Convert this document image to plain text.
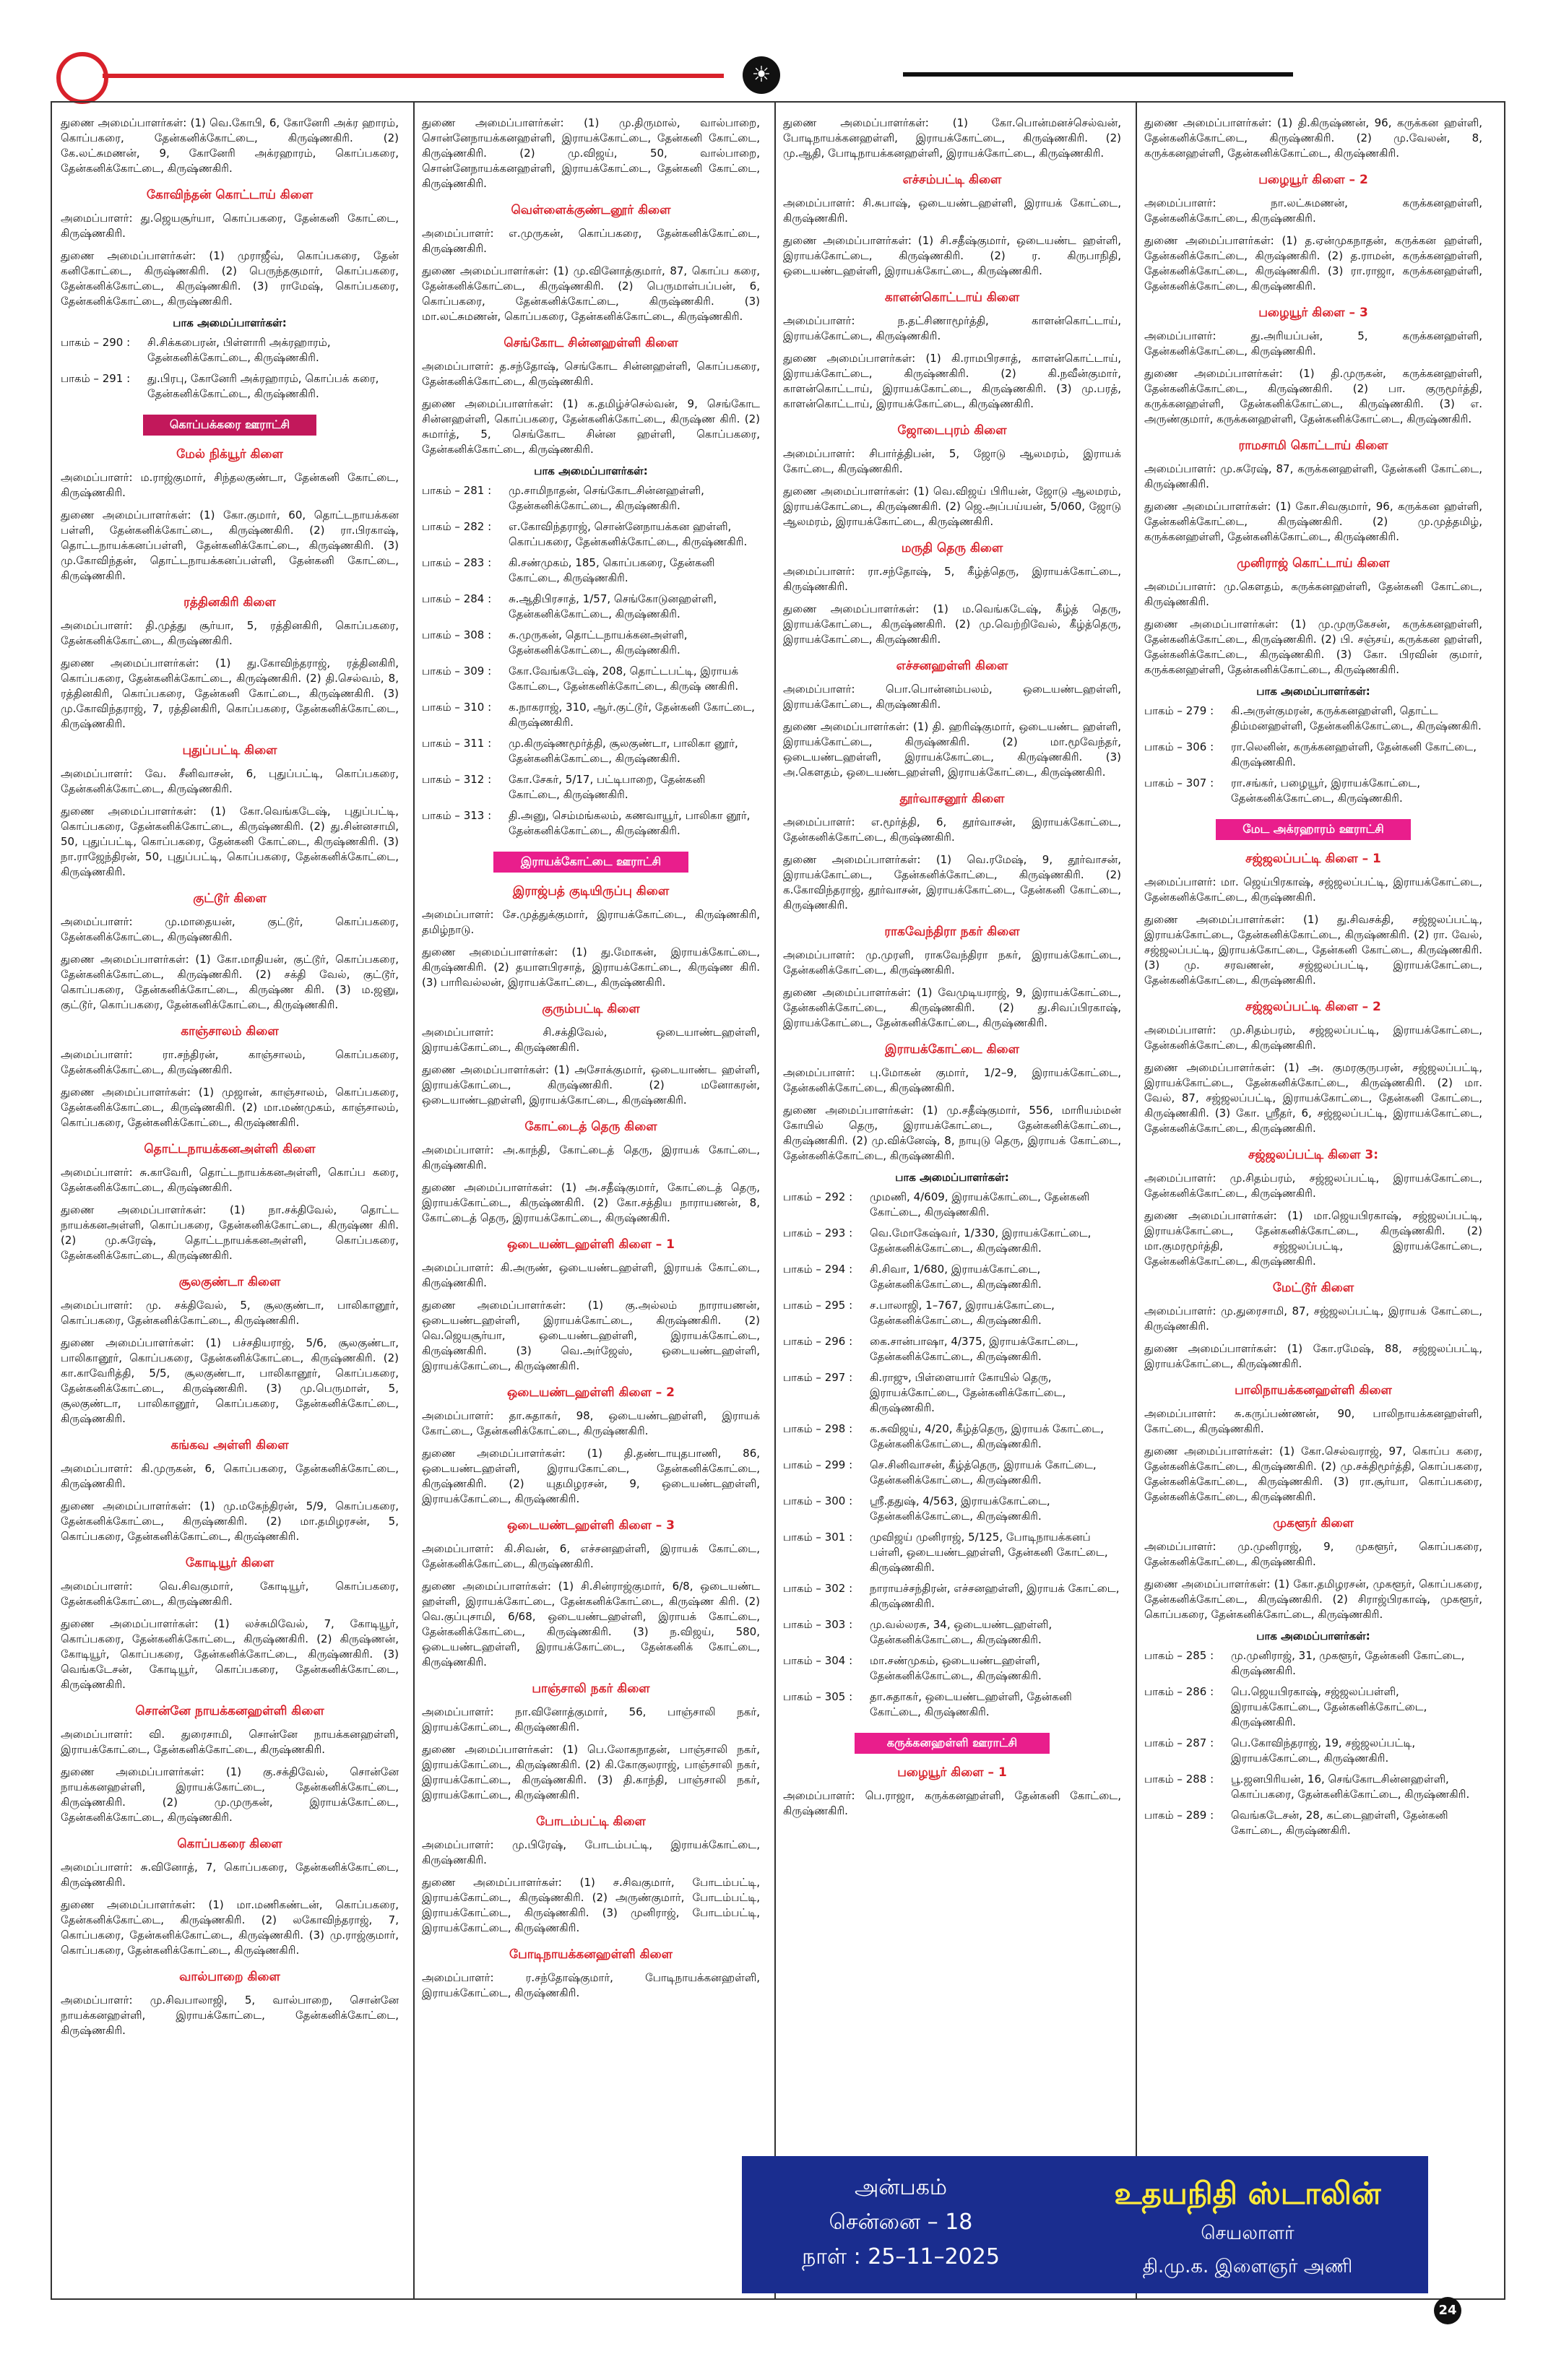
☀

துணை அமைப்பாளர்கள்: (1) வெ.கோபி, 6, கோனேரி அக்ர ஹாரம், கொப்பகரை, தேன்கனிக்கோட்டை, கிருஷ்ணகிரி. (2) கே.லட்சுமணன், 9, கோனேரி அக்ரஹாரம், கொப்பகரை, தேன்கனிக்கோட்டை, கிருஷ்ணகிரி.

கோவிந்தன் கொட்டாய் கிளை

அமைப்பாளர்: து.ஜெயசூர்யா, கொப்பகரை, தேன்கனி கோட்டை, கிருஷ்ணகிரி.

துணை அமைப்பாளர்கள்: (1) முராஜீவ், கொப்பகரை, தேன் கனிகோட்டை, கிருஷ்ணகிரி. (2) பெருந்தகுமார், கொப்பகரை, தேன்கனிக்கோட்டை, கிருஷ்ணகிரி. (3) ராமேஷ், கொப்பகரை, தேன்கனிக்கோட்டை, கிருஷ்ணகிரி.

பாக அமைப்பாளர்கள்:
பாகம் – 290 :	சி.சிக்கபைரன், பிள்ளாரி அக்ரஹாரம், தேன்கனிக்கோட்டை, கிருஷ்ணகிரி.
பாகம் – 291 :	து.பிரபு, கோனேரி அக்ரஹாரம், கொப்பக் கரை, தேன்கனிக்கோட்டை, கிருஷ்ணகிரி.
கொப்பக்கரை ஊராட்சி
மேல் நிக்யூர் கிளை

அமைப்பாளர்: ம.ராஜ்குமார், சிந்தலகுண்டா, தேன்கனி கோட்டை, கிருஷ்ணகிரி.

துணை அமைப்பாளர்கள்: (1) கோ.குமார், 60, தொட்டநாயக்கன பள்ளி, தேன்கனிக்கோட்டை, கிருஷ்ணகிரி. (2) ரா.பிரகாஷ், தொட்டநாயக்கனப்பள்ளி, தேன்கனிக்கோட்டை, கிருஷ்ணகிரி. (3) மு.கோவிந்தன், தொட்டநாயக்கனப்பள்ளி, தேன்கனி கோட்டை, கிருஷ்ணகிரி.

ரத்தினகிரி கிளை

அமைப்பாளர்: தி.முத்து சூர்யா, 5, ரத்தினகிரி, கொப்பகரை, தேன்கனிக்கோட்டை, கிருஷ்ணகிரி.

துணை அமைப்பாளர்கள்: (1) து.கோவிந்தராஜ், ரத்தினகிரி, கொப்பகரை, தேன்கனிக்கோட்டை, கிருஷ்ணகிரி. (2) தி.செல்வம், 8, ரத்தினகிரி, கொப்பகரை, தேன்கனி கோட்டை, கிருஷ்ணகிரி. (3) மு.கோவிந்தராஜ், 7, ரத்தினகிரி, கொப்பகரை, தேன்கனிக்கோட்டை, கிருஷ்ணகிரி.

புதுப்பட்டி கிளை

அமைப்பாளர்: வே. சீனிவாசன், 6, புதுப்பட்டி, கொப்பகரை, தேன்கனிக்கோட்டை, கிருஷ்ணகிரி.

துணை அமைப்பாளர்கள்: (1) கோ.வெங்கடேஷ், புதுப்பட்டி, கொப்பகரை, தேன்கனிக்கோட்டை, கிருஷ்ணகிரி. (2) து.சின்னசாமி, 50, புதுப்பட்டி, கொப்பகரை, தேன்கனி கோட்டை, கிருஷ்ணகிரி. (3) நா.ராஜேந்திரன், 50, புதுப்பட்டி, கொப்பகரை, தேன்கனிக்கோட்டை, கிருஷ்ணகிரி.

குட்டூர் கிளை

அமைப்பாளர்: மு.மாதையன், குட்டூர், கொப்பகரை, தேன்கனிக்கோட்டை, கிருஷ்ணகிரி.

துணை அமைப்பாளர்கள்: (1) கோ.மாதியன், குட்டூர், கொப்பகரை, தேன்கனிக்கோட்டை, கிருஷ்ணகிரி. (2) சக்தி வேல், குட்டூர், கொப்பகரை, தேன்கனிக்கோட்டை, கிருஷ்ண கிரி. (3) ம.ஜனு, குட்டூர், கொப்பகரை, தேன்கனிக்கோட்டை, கிருஷ்ணகிரி.

காஞ்சாலம் கிளை

அமைப்பாளர்: ரா.சந்திரன், காஞ்சாலம், கொப்பகரை, தேன்கனிக்கோட்டை, கிருஷ்ணகிரி.

துணை அமைப்பாளர்கள்: (1) முஜான், காஞ்சாலம், கொப்பகரை, தேன்கனிக்கோட்டை, கிருஷ்ணகிரி. (2) மா.மண்முகம், காஞ்சாலம், கொப்பகரை, தேன்கனிக்கோட்டை, கிருஷ்ணகிரி.

தொட்டநாயக்கனஅள்ளி கிளை

அமைப்பாளர்: சு.காவேரி, தொட்டநாயக்கனஅள்ளி, கொப்ப கரை, தேன்கனிக்கோட்டை, கிருஷ்ணகிரி.

துணை அமைப்பாளர்கள்: (1) நா.சக்திவேல், தொட்ட நாயக்கனஅள்ளி, கொப்பகரை, தேன்கனிக்கோட்டை, கிருஷ்ண கிரி. (2) மு.சுரேஷ், தொட்டநாயக்கனஅள்ளி, கொப்பகரை, தேன்கனிக்கோட்டை, கிருஷ்ணகிரி.

சூலகுண்டா கிளை

அமைப்பாளர்: மு. சக்திவேல், 5, சூலகுண்டா, பாலிகானூர், கொப்பகரை, தேன்கனிக்கோட்டை, கிருஷ்ணகிரி.

துணை அமைப்பாளர்கள்: (1) பச்சதியராஜ், 5/6, சூலகுண்டா, பாலிகானூர், கொப்பகரை, தேன்கனிக்கோட்டை, கிருஷ்ணகிரி. (2) கா.காவேரித்தி, 5/5, சூலகுண்டா, பாலிகானூர், கொப்பகரை, தேன்கனிக்கோட்டை, கிருஷ்ணகிரி. (3) மு.பெருமாள், 5, சூலகுண்டா, பாலிகானூர், கொப்பகரை, தேன்கனிக்கோட்டை, கிருஷ்ணகிரி.

கங்கவ அள்ளி கிளை

அமைப்பாளர்: கி.முருகன், 6, கொப்பகரை, தேன்கனிக்கோட்டை, கிருஷ்ணகிரி.

துணை அமைப்பாளர்கள்: (1) மு.மகேந்திரன், 5/9, கொப்பகரை, தேன்கனிக்கோட்டை, கிருஷ்ணகிரி. (2) மா.தமிழரசன், 5, கொப்பகரை, தேன்கனிக்கோட்டை, கிருஷ்ணகிரி.

கோடியூர் கிளை

அமைப்பாளர்: வெ.சிவகுமார், கோடியூர், கொப்பகரை, தேன்கனிக்கோட்டை, கிருஷ்ணகிரி.

துணை அமைப்பாளர்கள்: (1) லச்சுமிவேல், 7, கோடியூர், கொப்பகரை, தேன்கனிக்கோட்டை, கிருஷ்ணகிரி. (2) கிருஷ்ணன், கோடியூர், கொப்பகரை, தேன்கனிக்கோட்டை, கிருஷ்ணகிரி. (3) வெங்கடேசன், கோடியூர், கொப்பகரை, தேன்கனிக்கோட்டை, கிருஷ்ணகிரி.

சொன்னே நாயக்கனஹள்ளி கிளை

அமைப்பாளர்: வி. துரைசாமி, சொன்னே நாயக்கனஹள்ளி, இராயக்கோட்டை, தேன்கனிக்கோட்டை, கிருஷ்ணகிரி.

துணை அமைப்பாளர்கள்: (1) கு.சக்திவேல், சொன்னே நாயக்கனஹள்ளி, இராயக்கோட்டை, தேன்கனிக்கோட்டை, கிருஷ்ணகிரி. (2) மு.முருகன், இராயக்கோட்டை, தேன்கனிக்கோட்டை, கிருஷ்ணகிரி.

கொப்பகரை கிளை

அமைப்பாளர்: சு.வினோத், 7, கொப்பகரை, தேன்கனிக்கோட்டை, கிருஷ்ணகிரி.

துணை அமைப்பாளர்கள்: (1) மா.மணிகண்டன், கொப்பகரை, தேன்கனிக்கோட்டை, கிருஷ்ணகிரி. (2) லகோவிந்தராஜ், 7, கொப்பகரை, தேன்கனிக்கோட்டை, கிருஷ்ணகிரி. (3) மு.ராஜ்குமார், கொப்பகரை, தேன்கனிக்கோட்டை, கிருஷ்ணகிரி.

வால்பாறை கிளை

அமைப்பாளர்: மு.சிவபாலாஜி, 5, வால்பாறை, சொன்னே நாயக்கனஹள்ளி, இராயக்கோட்டை, தேன்கனிக்கோட்டை, கிருஷ்ணகிரி.

துணை அமைப்பாளர்கள்: (1) மு.திருமால், வால்பாறை, சொன்னேநாயக்கனஹள்ளி, இராயக்கோட்டை, தேன்கனி கோட்டை, கிருஷ்ணகிரி. (2) மு.விஜய், 50, வால்பாறை, சொன்னேநாயக்கனஹள்ளி, இராயக்கோட்டை, தேன்கனி கோட்டை, கிருஷ்ணகிரி.

வெள்ளைக்குண்டனூர் கிளை

அமைப்பாளர்: எ.முருகன், கொப்பகரை, தேன்கனிக்கோட்டை, கிருஷ்ணகிரி.

துணை அமைப்பாளர்கள்: (1) மு.வினோத்குமார், 87, கொப்ப கரை, தேன்கனிக்கோட்டை, கிருஷ்ணகிரி. (2) பெருமாள்பப்பன், 6, கொப்பகரை, தேன்கனிக்கோட்டை, கிருஷ்ணகிரி. (3) மா.லட்சுமணன், கொப்பகரை, தேன்கனிக்கோட்டை, கிருஷ்ணகிரி.

செங்கோட சின்னஹள்ளி கிளை

அமைப்பாளர்: த.சந்தோஷ், செங்கோட சின்னஹள்ளி, கொப்பகரை, தேன்கனிக்கோட்டை, கிருஷ்ணகிரி.

துணை அமைப்பாளர்கள்: (1) க.தமிழ்ச்செல்வன், 9, செங்கோட சின்னஹள்ளி, கொப்பகரை, தேன்கனிக்கோட்டை, கிருஷ்ண கிரி. (2) சுமார்த், 5, செங்கோட சின்ன ஹள்ளி, கொப்பகரை, தேன்கனிக்கோட்டை, கிருஷ்ணகிரி.

பாக அமைப்பாளர்கள்:
பாகம் – 281 :	மு.சாமிநாதன், செங்கோடசின்னஹள்ளி, தேன்கனிக்கோட்டை, கிருஷ்ணகிரி.
பாகம் – 282 :	எ.கோவிந்தராஜ், சொன்னேநாயக்கன ஹள்ளி, கொப்பகரை, தேன்கனிக்கோட்டை, கிருஷ்ணகிரி.
பாகம் – 283 :	கி.சண்முகம், 185, கொப்பகரை, தேன்கனி கோட்டை, கிருஷ்ணகிரி.
பாகம் – 284 :	சு.ஆதிபிரசாத், 1/57, செங்கோடுனஹள்ளி, தேன்கனிக்கோட்டை, கிருஷ்ணகிரி.
பாகம் – 308 :	சு.முருகன், தொட்டநாயக்கனஅள்ளி, தேன்கனிக்கோட்டை, கிருஷ்ணகிரி.
பாகம் – 309 :	கோ.வேங்கடேஷ், 208, தொட்டபட்டி, இராயக் கோட்டை, தேன்கனிக்கோட்டை, கிருஷ் ணகிரி.
பாகம் – 310 :	க.நாகராஜ், 310, ஆர்.குட்டூர், தேன்கனி கோட்டை, கிருஷ்ணகிரி.
பாகம் – 311 :	மு.கிருஷ்ணமூர்த்தி, சூலகுண்டா, பாலிகா னூர், தேன்கனிக்கோட்டை, கிருஷ்ணகிரி.
பாகம் – 312 :	கோ.சேகர், 5/17, பட்டிபாறை, தேன்கனி கோட்டை, கிருஷ்ணகிரி.
பாகம் – 313 :	தி.அனு, செம்மங்கலம், கணவாயூர், பாலிகா னூர், தேன்கனிக்கோட்டை, கிருஷ்ணகிரி.
இராயக்கோட்டை ஊராட்சி
இராஜ்பத் குடியிருப்பு கிளை

அமைப்பாளர்: சே.முத்துக்குமார், இராயக்கோட்டை, கிருஷ்ணகிரி, தமிழ்நாடு.

துணை அமைப்பாளர்கள்: (1) து.மோகன், இராயக்கோட்டை, கிருஷ்ணகிரி. (2) தயாளபிரசாத், இராயக்கோட்டை, கிருஷ்ண கிரி. (3) பாரிவல்லன், இராயக்கோட்டை, கிருஷ்ணகிரி.

குரும்பட்டி கிளை

அமைப்பாளர்: சி.சக்திவேல், ஒடையாண்டஹள்ளி, இராயக்கோட்டை, கிருஷ்ணகிரி.

துணை அமைப்பாளர்கள்: (1) அசோக்குமார், ஒடையாண்ட ஹள்ளி, இராயக்கோட்டை, கிருஷ்ணகிரி. (2) மனோகரன், ஒடையாண்டஹள்ளி, இராயக்கோட்டை, கிருஷ்ணகிரி.

கோட்டைத் தெரு கிளை

அமைப்பாளர்: அ.காந்தி, கோட்டைத் தெரு, இராயக் கோட்டை, கிருஷ்ணகிரி.

துணை அமைப்பாளர்கள்: (1) அ.சதீஷ்குமார், கோட்டைத் தெரு, இராயக்கோட்டை, கிருஷ்ணகிரி. (2) கோ.சத்திய நாராயணன், 8, கோட்டைத் தெரு, இராயக்கோட்டை, கிருஷ்ணகிரி.

ஒடையண்டஹள்ளி கிளை – 1

அமைப்பாளர்: கி.அருண், ஒடையண்டஹள்ளி, இராயக் கோட்டை, கிருஷ்ணகிரி.

துணை அமைப்பாளர்கள்: (1) கு.அல்லம் நாராயணன், ஒடையண்டஹள்ளி, இராயக்கோட்டை, கிருஷ்ணகிரி. (2) வெ.ஜெயசூர்யா, ஒடையண்டஹள்ளி, இராயக்கோட்டை, கிருஷ்ணகிரி. (3) வெ.அர்ஜேஸ், ஒடையண்டஹள்ளி, இராயக்கோட்டை, கிருஷ்ணகிரி.

ஒடையண்டஹள்ளி கிளை – 2

அமைப்பாளர்: தா.சுதாகர், 98, ஒடையண்டஹள்ளி, இராயக் கோட்டை, தேன்கனிக்கோட்டை, கிருஷ்ணகிரி.

துணை அமைப்பாளர்கள்: (1) தி.தண்டாயுதபாணி, 86, ஒடையண்டஹள்ளி, இராயகோட்டை, தேன்கனிக்கோட்டை, கிருஷ்ணகிரி. (2) யுதமிழரசன், 9, ஒடையண்டஹள்ளி, இராயக்கோட்டை, கிருஷ்ணகிரி.

ஒடையண்டஹள்ளி கிளை – 3

அமைப்பாளர்: கி.சிவன், 6, எச்சனஹள்ளி, இராயக் கோட்டை, தேன்கனிக்கோட்டை, கிருஷ்ணகிரி.

துணை அமைப்பாளர்கள்: (1) சி.சின்ராஜ்குமார், 6/8, ஒடையண்ட ஹள்ளி, இராயக்கோட்டை, தேன்கனிக்கோட்டை, கிருஷ்ண கிரி. (2) வெ.குப்புசாமி, 6/68, ஒடையண்டஹள்ளி, இராயக் கோட்டை, தேன்கனிக்கோட்டை, கிருஷ்ணகிரி. (3) ந.விஜய், 580, ஒடையண்டஹள்ளி, இராயக்கோட்டை, தேன்கனிக் கோட்டை, கிருஷ்ணகிரி.

பாஞ்சாலி நகர் கிளை

அமைப்பாளர்: நா.வினோத்குமார், 56, பாஞ்சாலி நகர், இராயக்கோட்டை, கிருஷ்ணகிரி.

துணை அமைப்பாளர்கள்: (1) பெ.லோகநாதன், பாஞ்சாலி நகர், இராயக்கோட்டை, கிருஷ்ணகிரி. (2) கி.கோகுலராஜ், பாஞ்சாலி நகர், இராயக்கோட்டை, கிருஷ்ணகிரி. (3) தி.காந்தி, பாஞ்சாலி நகர், இராயக்கோட்டை, கிருஷ்ணகிரி.

போடம்பட்டி கிளை

அமைப்பாளர்: மு.பிரேஷ், போடம்பட்டி, இராயக்கோட்டை, கிருஷ்ணகிரி.

துணை அமைப்பாளர்கள்: (1) ச.சிவகுமார், போடம்பட்டி, இராயக்கோட்டை, கிருஷ்ணகிரி. (2) அருண்குமார், போடம்பட்டி, இராயக்கோட்டை, கிருஷ்ணகிரி. (3) முனிராஜ், போடம்பட்டி, இராயக்கோட்டை, கிருஷ்ணகிரி.

போடிநாயக்கனஹள்ளி கிளை

அமைப்பாளர்: ர.சந்தோஷ்குமார், போடிநாயக்கனஹள்ளி, இராயக்கோட்டை, கிருஷ்ணகிரி.

துணை அமைப்பாளர்கள்: (1) கோ.பொன்மனச்செல்வன், போடிநாயக்கனஹள்ளி, இராயக்கோட்டை, கிருஷ்ணகிரி. (2) மு.ஆதி, போடிநாயக்கனஹள்ளி, இராயக்கோட்டை, கிருஷ்ணகிரி.

எச்சம்பட்டி கிளை

அமைப்பாளர்: சி.சுபாஷ், ஒடையண்டஹள்ளி, இராயக் கோட்டை, கிருஷ்ணகிரி.

துணை அமைப்பாளர்கள்: (1) சி.சதீஷ்குமார், ஒடையண்ட ஹள்ளி, இராயக்கோட்டை, கிருஷ்ணகிரி. (2) ர. கிருபாநிதி, ஒடையண்டஹள்ளி, இராயக்கோட்டை, கிருஷ்ணகிரி.

காளன்கொட்டாய் கிளை

அமைப்பாளர்: ந.தட்சிணாமூர்த்தி, காளன்கொட்டாய், இராயக்கோட்டை, கிருஷ்ணகிரி.

துணை அமைப்பாளர்கள்: (1) கி.ராமபிரசாத், காளன்கொட்டாய், இராயக்கோட்டை, கிருஷ்ணகிரி. (2) கி.நவீன்குமார், காளன்கொட்டாய், இராயக்கோட்டை, கிருஷ்ணகிரி. (3) மு.பரத், காளன்கொட்டாய், இராயக்கோட்டை, கிருஷ்ணகிரி.

ஜோடைபுரம் கிளை

அமைப்பாளர்: சிபார்த்திபன், 5, ஜோடு ஆலமரம், இராயக் கோட்டை, கிருஷ்ணகிரி.

துணை அமைப்பாளர்கள்: (1) வெ.விஜய் பிரியன், ஜோடு ஆலமரம், இராயக்கோட்டை, கிருஷ்ணகிரி. (2) ஜெ.அப்பய்யன், 5/060, ஜோடு ஆலமரம், இராயக்கோட்டை, கிருஷ்ணகிரி.

மருதி தெரு கிளை

அமைப்பாளர்: ரா.சந்தோஷ், 5, கீழ்த்தெரு, இராயக்கோட்டை, கிருஷ்ணகிரி.

துணை அமைப்பாளர்கள்: (1) ம.வெங்கடேஷ், கீழ்த் தெரு, இராயக்கோட்டை, கிருஷ்ணகிரி. (2) மு.வெற்றிவேல், கீழ்த்தெரு, இராயக்கோட்டை, கிருஷ்ணகிரி.

எச்சனஹள்ளி கிளை

அமைப்பாளர்: பொ.பொன்னம்பலம், ஒடையண்டஹள்ளி, இராயக்கோட்டை, கிருஷ்ணகிரி.

துணை அமைப்பாளர்கள்: (1) தி. ஹரிஷ்குமார், ஒடையண்ட ஹள்ளி, இராயக்கோட்டை, கிருஷ்ணகிரி. (2) மா.மூவேந்தர், ஒடையண்டஹள்ளி, இராயக்கோட்டை, கிருஷ்ணகிரி. (3) அ.கௌதம், ஒடையண்டஹள்ளி, இராயக்கோட்டை, கிருஷ்ணகிரி.

தூர்வாசனூர் கிளை

அமைப்பாளர்: எ.மூர்த்தி, 6, தூர்வாசன், இராயக்கோட்டை, தேன்கனிக்கோட்டை, கிருஷ்ணகிரி.

துணை அமைப்பாளர்கள்: (1) வெ.ரமேஷ், 9, தூர்வாசன், இராயக்கோட்டை, தேன்கனிக்கோட்டை, கிருஷ்ணகிரி. (2) க.கோவிந்தராஜ், தூர்வாசன், இராயக்கோட்டை, தேன்கனி கோட்டை, கிருஷ்ணகிரி.

ராகவேந்திரா நகர் கிளை

அமைப்பாளர்: மு.முரளி, ராகவேந்திரா நகர், இராயக்கோட்டை, தேன்கனிக்கோட்டை, கிருஷ்ணகிரி.

துணை அமைப்பாளர்கள்: (1) வேமுடியராஜ், 9, இராயக்கோட்டை, தேன்கனிக்கோட்டை, கிருஷ்ணகிரி. (2) து.சிவப்பிரகாஷ், இராயக்கோட்டை, தேன்கனிக்கோட்டை, கிருஷ்ணகிரி.

இராயக்கோட்டை கிளை

அமைப்பாளர்: பு.மோகன் குமார், 1/2–9, இராயக்கோட்டை, தேன்கனிக்கோட்டை, கிருஷ்ணகிரி.

துணை அமைப்பாளர்கள்: (1) மு.சதீஷ்குமார், 556, மாரியம்மன் கோயில் தெரு, இராயக்கோட்டை, தேன்கனிக்கோட்டை, கிருஷ்ணகிரி. (2) மு.விக்னேஷ், 8, நாயுடு தெரு, இராயக் கோட்டை, தேன்கனிக்கோட்டை, கிருஷ்ணகிரி.

பாக அமைப்பாளர்கள்:
பாகம் – 292 :	முமணி, 4/609, இராயக்கோட்டை, தேன்கனி கோட்டை, கிருஷ்ணகிரி.
பாகம் – 293 :	வெ.மோகேஷ்வர், 1/330, இராயக்கோட்டை, தேன்கனிக்கோட்டை, கிருஷ்ணகிரி.
பாகம் – 294 :	சி.சிவா, 1/680, இராயக்கோட்டை, தேன்கனிக்கோட்டை, கிருஷ்ணகிரி.
பாகம் – 295 :	ச.பாலாஜி, 1–767, இராயக்கோட்டை, தேன்கனிக்கோட்டை, கிருஷ்ணகிரி.
பாகம் – 296 :	கை.சான்பாஷா, 4/375, இராயக்கோட்டை, தேன்கனிக்கோட்டை, கிருஷ்ணகிரி.
பாகம் – 297 :	கி.ராஜு, பிள்ளையார் கோயில் தெரு, இராயக்கோட்டை, தேன்கனிக்கோட்டை, கிருஷ்ணகிரி.
பாகம் – 298 :	க.சுவிஜய், 4/20, கீழ்த்தெரு, இராயக் கோட்டை, தேன்கனிக்கோட்டை, கிருஷ்ணகிரி.
பாகம் – 299 :	செ.சினிவாசன், கீழ்த்தெரு, இராயக் கோட்டை, தேன்கனிக்கோட்டை, கிருஷ்ணகிரி.
பாகம் – 300 :	ஸ்ரீ.ததுஷ், 4/563, இராயக்கோட்டை, தேன்கனிக்கோட்டை, கிருஷ்ணகிரி.
பாகம் – 301 :	முவிஜய் முனிராஜ், 5/125, போடிநாயக்கனப் பள்ளி, ஒடையண்டஹள்ளி, தேன்கனி கோட்டை, கிருஷ்ணகிரி.
பாகம் – 302 :	நாராயச்சந்திரன், எச்சனஹள்ளி, இராயக் கோட்டை, கிருஷ்ணகிரி.
பாகம் – 303 :	மு.வல்லரசு, 34, ஒடையண்டஹள்ளி, தேன்கனிக்கோட்டை, கிருஷ்ணகிரி.
பாகம் – 304 :	மா.சண்முகம், ஒடையண்டஹள்ளி, தேன்கனிக்கோட்டை, கிருஷ்ணகிரி.
பாகம் – 305 :	தா.சுதாகர், ஒடையண்டஹள்ளி, தேன்கனி கோட்டை, கிருஷ்ணகிரி.
கருக்கனஹள்ளி ஊராட்சி
பழையூர் கிளை – 1

அமைப்பாளர்: பெ.ராஜா, கருக்கனஹள்ளி, தேன்கனி கோட்டை, கிருஷ்ணகிரி.

துணை அமைப்பாளர்கள்: (1) தி.கிருஷ்ணன், 96, கருக்கன ஹள்ளி, தேன்கனிக்கோட்டை, கிருஷ்ணகிரி. (2) மு.வேலன், 8, கருக்கனஹள்ளி, தேன்கனிக்கோட்டை, கிருஷ்ணகிரி.

பழையூர் கிளை – 2

அமைப்பாளர்: நா.லட்சுமணன், கருக்கனஹள்ளி, தேன்கனிக்கோட்டை, கிருஷ்ணகிரி.

துணை அமைப்பாளர்கள்: (1) த.ஏன்முகநாதன், கருக்கன ஹள்ளி, தேன்கனிக்கோட்டை, கிருஷ்ணகிரி. (2) த.ராமன், கருக்கனஹள்ளி, தேன்கனிக்கோட்டை, கிருஷ்ணகிரி. (3) ரா.ராஜா, கருக்கனஹள்ளி, தேன்கனிக்கோட்டை, கிருஷ்ணகிரி.

பழையூர் கிளை – 3

அமைப்பாளர்: து.அரியப்பன், 5, கருக்கனஹள்ளி, தேன்கனிக்கோட்டை, கிருஷ்ணகிரி.

துணை அமைப்பாளர்கள்: (1) தி.முருகன், கருக்கனஹள்ளி, தேன்கனிக்கோட்டை, கிருஷ்ணகிரி. (2) பா. குருமூர்த்தி, கருக்கனஹள்ளி, தேன்கனிக்கோட்டை, கிருஷ்ணகிரி. (3) எ. அருண்குமார், கருக்கனஹள்ளி, தேன்கனிக்கோட்டை, கிருஷ்ணகிரி.

ராமசாமி கொட்டாய் கிளை

அமைப்பாளர்: மு.சுரேஷ், 87, கருக்கனஹள்ளி, தேன்கனி கோட்டை, கிருஷ்ணகிரி.

துணை அமைப்பாளர்கள்: (1) கோ.சிவகுமார், 96, கருக்கன ஹள்ளி, தேன்கனிக்கோட்டை, கிருஷ்ணகிரி. (2) மு.முத்தமிழ், கருக்கனஹள்ளி, தேன்கனிக்கோட்டை, கிருஷ்ணகிரி.

முனிராஜ் கொட்டாய் கிளை

அமைப்பாளர்: மு.கௌதம், கருக்கனஹள்ளி, தேன்கனி கோட்டை, கிருஷ்ணகிரி.

துணை அமைப்பாளர்கள்: (1) மு.முருகேசன், கருக்கனஹள்ளி, தேன்கனிக்கோட்டை, கிருஷ்ணகிரி. (2) பி. சஞ்சய், கருக்கன ஹள்ளி, தேன்கனிக்கோட்டை, கிருஷ்ணகிரி. (3) கோ. பிரவின் குமார், கருக்கனஹள்ளி, தேன்கனிக்கோட்டை, கிருஷ்ணகிரி.

பாக அமைப்பாளர்கள்:
பாகம் – 279 :	கி.அருள்குமரன், கருக்கனஹள்ளி, தொட்ட திம்மனஹள்ளி, தேன்கனிக்கோட்டை, கிருஷ்ணகிரி.
பாகம் – 306 :	ரா.லெனின், கருக்கனஹள்ளி, தேன்கனி கோட்டை, கிருஷ்ணகிரி.
பாகம் – 307 :	ரா.சங்கர், பழையூர், இராயக்கோட்டை, தேன்கனிக்கோட்டை, கிருஷ்ணகிரி.
மேட அக்ரஹாரம் ஊராட்சி
சஜ்ஜலப்பட்டி கிளை – 1

அமைப்பாளர்: மா. ஜெய்பிரகாஷ், சஜ்ஜலப்பட்டி, இராயக்கோட்டை, தேன்கனிக்கோட்டை, கிருஷ்ணகிரி.

துணை அமைப்பாளர்கள்: (1) து.சிவசக்தி, சஜ்ஜலப்பட்டி, இராயக்கோட்டை, தேன்கனிக்கோட்டை, கிருஷ்ணகிரி. (2) ரா. வேல், சஜ்ஜலப்பட்டி, இராயக்கோட்டை, தேன்கனி கோட்டை, கிருஷ்ணகிரி. (3) மு. சரவணன், சஜ்ஜலப்பட்டி, இராயக்கோட்டை, தேன்கனிக்கோட்டை, கிருஷ்ணகிரி.

சஜ்ஜலப்பட்டி கிளை – 2

அமைப்பாளர்: மு.சிதம்பரம், சஜ்ஜலப்பட்டி, இராயக்கோட்டை, தேன்கனிக்கோட்டை, கிருஷ்ணகிரி.

துணை அமைப்பாளர்கள்: (1) அ. குமரகுருபரன், சஜ்ஜலப்பட்டி, இராயக்கோட்டை, தேன்கனிக்கோட்டை, கிருஷ்ணகிரி. (2) மா. வேல், 87, சஜ்ஜலப்பட்டி, இராயக்கோட்டை, தேன்கனி கோட்டை, கிருஷ்ணகிரி. (3) கோ. ஸ்ரீதர், 6, சஜ்ஜலப்பட்டி, இராயக்கோட்டை, தேன்கனிக்கோட்டை, கிருஷ்ணகிரி.

சஜ்ஜலப்பட்டி கிளை 3:

அமைப்பாளர்: மு.சிதம்பரம், சஜ்ஜலப்பட்டி, இராயக்கோட்டை, தேன்கனிக்கோட்டை, கிருஷ்ணகிரி.

துணை அமைப்பாளர்கள்: (1) மா.ஜெயபிரகாஷ், சஜ்ஜலப்பட்டி, இராயக்கோட்டை, தேன்கனிக்கோட்டை, கிருஷ்ணகிரி. (2) மா.குமரமூர்த்தி, சஜ்ஜலப்பட்டி, இராயக்கோட்டை, தேன்கனிக்கோட்டை, கிருஷ்ணகிரி.

மேட்டூர் கிளை

அமைப்பாளர்: மு.துரைசாமி, 87, சஜ்ஜலப்பட்டி, இராயக் கோட்டை, கிருஷ்ணகிரி.

துணை அமைப்பாளர்கள்: (1) கோ.ரமேஷ், 88, சஜ்ஜலப்பட்டி, இராயக்கோட்டை, கிருஷ்ணகிரி.

பாலிநாயக்கனஹள்ளி கிளை

அமைப்பாளர்: சு.கருப்பண்ணன், 90, பாலிநாயக்கனஹள்ளி, கோட்டை, கிருஷ்ணகிரி.

துணை அமைப்பாளர்கள்: (1) கோ.செல்வராஜ், 97, கொப்ப கரை, தேன்கனிக்கோட்டை, கிருஷ்ணகிரி. (2) மு.சக்திமூர்த்தி, கொப்பகரை, தேன்கனிக்கோட்டை, கிருஷ்ணகிரி. (3) ரா.சூர்யா, கொப்பகரை, தேன்கனிக்கோட்டை, கிருஷ்ணகிரி.

முகளூர் கிளை

அமைப்பாளர்: மு.முனிராஜ், 9, முகளூர், கொப்பகரை, தேன்கனிக்கோட்டை, கிருஷ்ணகிரி.

துணை அமைப்பாளர்கள்: (1) கோ.தமிழரசன், முகளூர், கொப்பகரை, தேன்கனிக்கோட்டை, கிருஷ்ணகிரி. (2) சிராஜ்பிரகாஷ், முகளூர், கொப்பகரை, தேன்கனிக்கோட்டை, கிருஷ்ணகிரி.

பாக அமைப்பாளர்கள்:
பாகம் – 285 :	மு.முனிராஜ், 31, முகளூர், தேன்கனி கோட்டை, கிருஷ்ணகிரி.
பாகம் – 286 :	பெ.ஜெயபிரகாஷ், சஜ்ஜலப்பள்ளி, இராயக்கோட்டை, தேன்கனிக்கோட்டை, கிருஷ்ணகிரி.
பாகம் – 287 :	பெ.கோவிந்தராஜ், 19, சஜ்ஜலப்பட்டி, இராயக்கோட்டை, கிருஷ்ணகிரி.
பாகம் – 288 :	பூ.ஜனபிரியன், 16, செங்கோடசின்னஹள்ளி, கொப்பகரை, தேன்கனிக்கோட்டை, கிருஷ்ணகிரி.
பாகம் – 289 :	வெங்கடேசன், 28, கட்டைஹள்ளி, தேன்கனி கோட்டை, கிருஷ்ணகிரி.
அன்பகம்
சென்னை – 18
நாள் : 25–11–2025
உதயநிதி ஸ்டாலின்
செயலாளர்
தி.மு.க. இளைஞர் அணி
24
